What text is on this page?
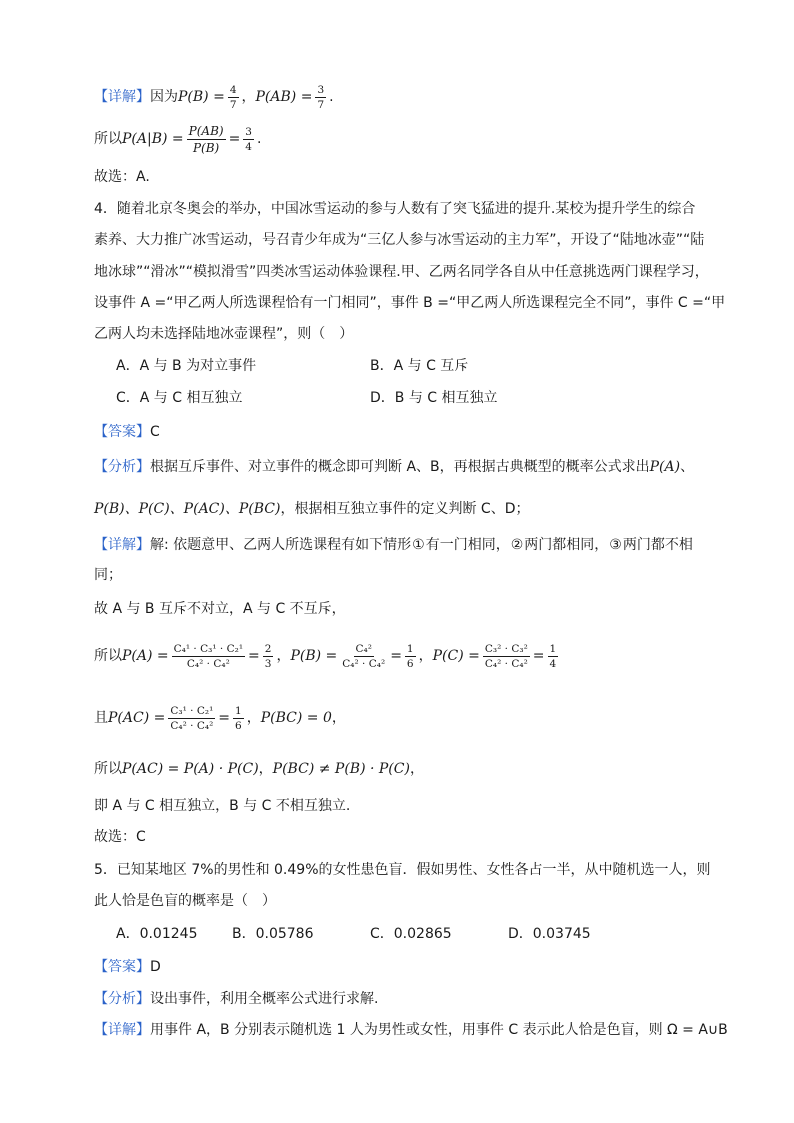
【详解】 因为 $P(B) = \frac{4}{7}$ ， $P(AB) = \frac{3}{7}$ .
所以 $P(A|B) = \frac{P(AB)}{P(B)} = \frac{3}{4}$ .
故选：A.
4．随着北京冬奥会的举办，中国冰雪运动的参与人数有了突飞猛进的提升.某校为提升学生的综合
素养、大力推广冰雪运动，号召青少年成为“三亿人参与冰雪运动的主力军”，开设了“陆地冰壶”“陆
地冰球”“滑冰”“模拟滑雪”四类冰雪运动体验课程.甲、乙两名同学各自从中任意挑选两门课程学习，
设事件 A =“甲乙两人所选课程恰有一门相同”，事件 B =“甲乙两人所选课程完全不同”，事件 C =“甲
乙两人均未选择陆地冰壶课程”，则（　）
A．A 与 B 为对立事件	B．A 与 C 互斥
C．A 与 C 相互独立	D．B 与 C 相互独立
【答案】 C
【分析】 根据互斥事件、对立事件的概念即可判断 A、B，再根据古典概型的概率公式求出 P(A) 、
P(B)、P(C)、P(AC)、P(BC) ，根据相互独立事件的定义判断 C、D；
【详解】 解: 依题意甲、乙两人所选课程有如下情形 ① 有一门相同， ② 两门都相同， ③ 两门都不相
同；
故 A 与 B 互斥不对立，A 与 C 不互斥，
所以 $P(A) = \frac{\text{C₄¹ · C₃¹ · C₂¹}}{\text{C₄² · C₄²}} = \frac{2}{3}$ ， $P(B) = \frac{\text{C₄²}}{\text{C₄² · C₄²}} = \frac{1}{6}$ ， $P(C) = \frac{\text{C₃² · C₃²}}{\text{C₄² · C₄²}} = \frac{1}{4}$
且 $P(AC) = \frac{\text{C₃¹ · C₂¹}}{\text{C₄² · C₄²}} = \frac{1}{6}$ ， P(BC) = 0 ，
所以 P(AC) = P(A) · P(C) ， P(BC) ≠ P(B) · P(C) ，
即 A 与 C 相互独立，B 与 C 不相互独立.
故选：C
5．已知某地区 7%的男性和 0.49%的女性患色盲．假如男性、女性各占一半，从中随机选一人，则
此人恰是色盲的概率是（　）
A．0.01245 B．0.05786	C．0.02865	D．0.03745
【答案】 D
【分析】 设出事件，利用全概率公式进行求解.
【详解】 用事件 A，B 分别表示随机选 1 人为男性或女性，用事件 C 表示此人恰是色盲，则 Ω = A∪B
